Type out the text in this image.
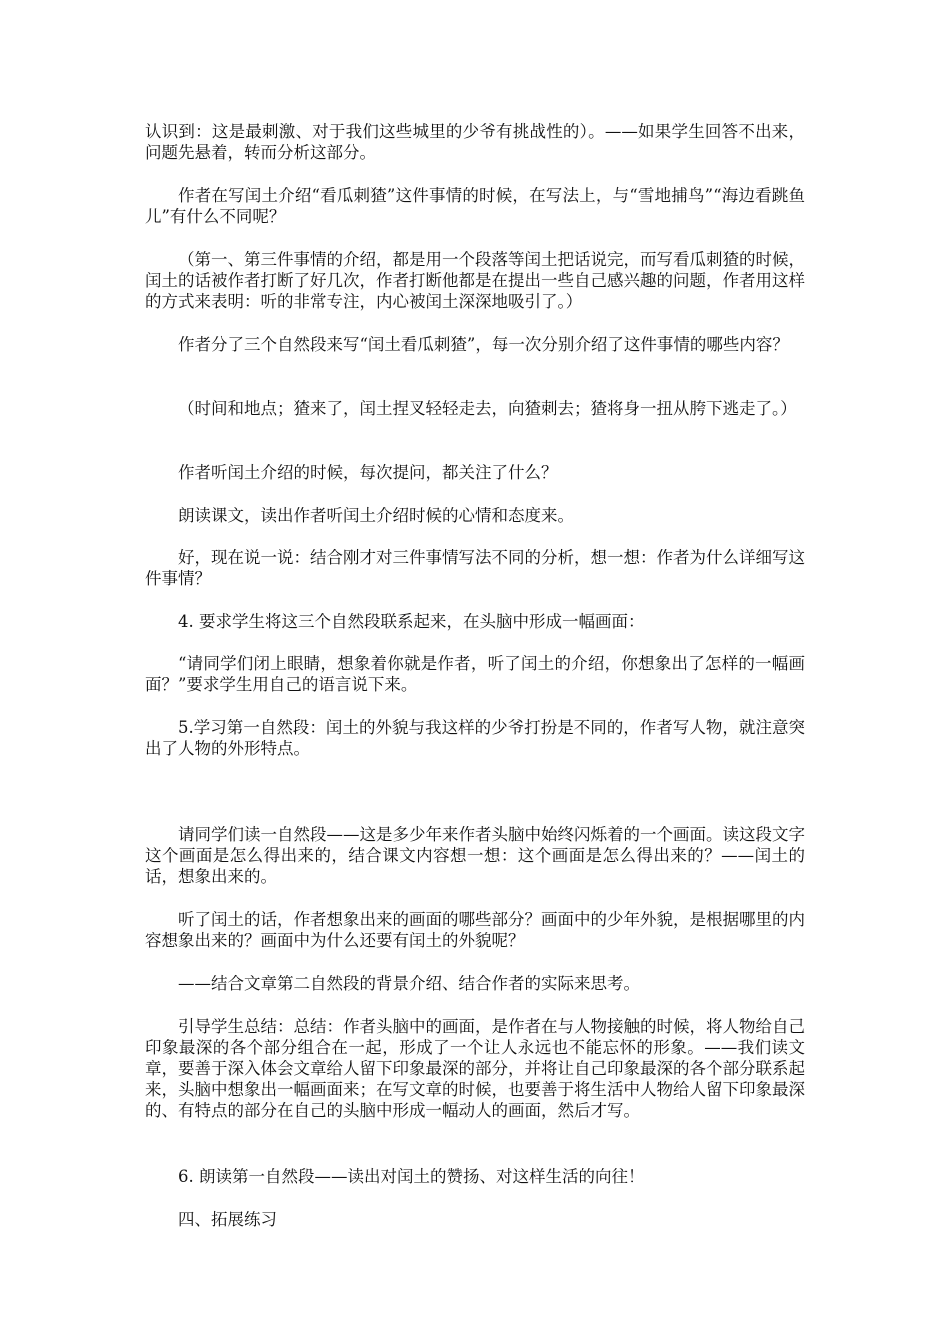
认识到：这是最刺激、对于我们这些城里的少爷有挑战性的）。——如果学生回答不出来，问题先悬着，转而分析这部分。

作者在写闰土介绍“看瓜刺猹”这件事情的时候，在写法上，与“雪地捕鸟”“海边看跳鱼儿”有什么不同呢？

（第一、第三件事情的介绍，都是用一个段落等闰土把话说完，而写看瓜刺猹的时候，闰土的话被作者打断了好几次，作者打断他都是在提出一些自己感兴趣的问题，作者用这样的方式来表明：听的非常专注，内心被闰土深深地吸引了。）

作者分了三个自然段来写“闰土看瓜刺猹”，每一次分别介绍了这件事情的哪些内容？

（时间和地点；猹来了，闰土捏叉轻轻走去，向猹刺去；猹将身一扭从胯下逃走了。）

作者听闰土介绍的时候，每次提问，都关注了什么？

朗读课文，读出作者听闰土介绍时候的心情和态度来。

好，现在说一说：结合刚才对三件事情写法不同的分析，想一想：作者为什么详细写这件事情？

4. 要求学生将这三个自然段联系起来，在头脑中形成一幅画面：

“请同学们闭上眼睛，想象着你就是作者，听了闰土的介绍，你想象出了怎样的一幅画面？”要求学生用自己的语言说下来。

5.学习第一自然段：闰土的外貌与我这样的少爷打扮是不同的，作者写人物，就注意突出了人物的外形特点。

请同学们读一自然段——这是多少年来作者头脑中始终闪烁着的一个画面。读这段文字这个画面是怎么得出来的，结合课文内容想一想：这个画面是怎么得出来的？——闰土的话，想象出来的。

听了闰土的话，作者想象出来的画面的哪些部分？画面中的少年外貌，是根据哪里的内容想象出来的？画面中为什么还要有闰土的外貌呢？

——结合文章第二自然段的背景介绍、结合作者的实际来思考。

引导学生总结：总结：作者头脑中的画面，是作者在与人物接触的时候，将人物给自己印象最深的各个部分组合在一起，形成了一个让人永远也不能忘怀的形象。——我们读文章，要善于深入体会文章给人留下印象最深的部分，并将让自己印象最深的各个部分联系起来，头脑中想象出一幅画面来；在写文章的时候，也要善于将生活中人物给人留下印象最深的、有特点的部分在自己的头脑中形成一幅动人的画面，然后才写。

6. 朗读第一自然段——读出对闰土的赞扬、对这样生活的向往！

四、拓展练习
